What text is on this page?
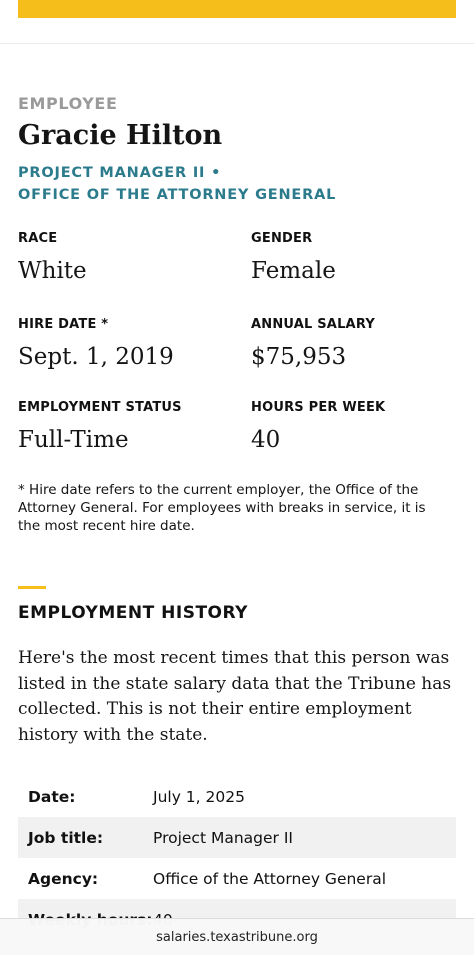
EMPLOYEE
Gracie Hilton
PROJECT MANAGER II •
OFFICE OF THE ATTORNEY GENERAL
RACE
White
GENDER
Female
HIRE DATE *
Sept. 1, 2019
ANNUAL SALARY
$75,953
EMPLOYMENT STATUS
Full-Time
HOURS PER WEEK
40
* Hire date refers to the current employer, the Office of the Attorney General. For employees with breaks in service, it is the most recent hire date.
EMPLOYMENT HISTORY
Here's the most recent times that this person was listed in the state salary data that the Tribune has collected. This is not their entire employment history with the state.
Date:	July 1, 2025
Job title:	Project Manager II
Agency:	Office of the Attorney General
salaries.texastribune.org
